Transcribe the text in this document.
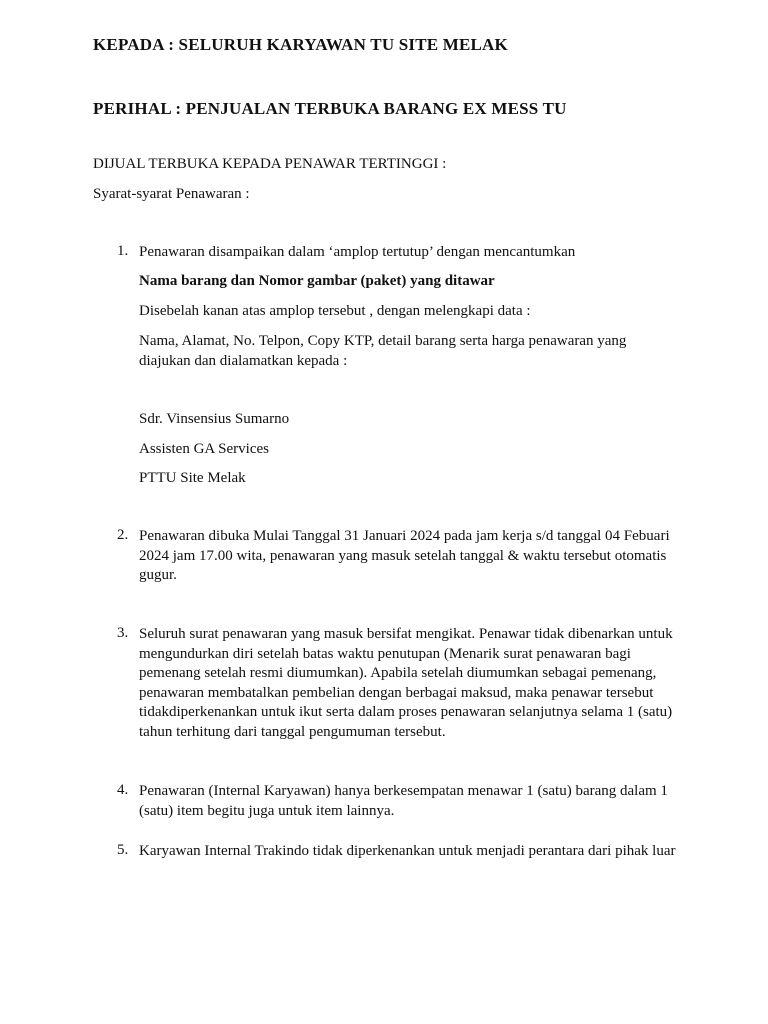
KEPADA : SELURUH KARYAWAN TU SITE MELAK
PERIHAL : PENJUALAN TERBUKA BARANG EX MESS TU
DIJUAL TERBUKA KEPADA PENAWAR TERTINGGI :
Syarat-syarat Penawaran :
1. Penawaran disampaikan dalam ‘amplop tertutup’ dengan mencantumkan
Nama barang dan Nomor gambar (paket) yang ditawar
Disebelah kanan atas amplop tersebut , dengan melengkapi data :
Nama, Alamat, No. Telpon, Copy KTP, detail barang serta harga penawaran yang diajukan dan dialamatkan kepada :
Sdr. Vinsensius Sumarno
Assisten GA Services
PTTU Site Melak
2. Penawaran dibuka Mulai Tanggal 31 Januari 2024 pada jam kerja s/d tanggal 04 Febuari 2024 jam 17.00 wita, penawaran yang masuk setelah tanggal & waktu tersebut otomatis gugur.
3. Seluruh surat penawaran yang masuk bersifat mengikat. Penawar tidak dibenarkan untuk mengundurkan diri setelah batas waktu penutupan (Menarik surat penawaran bagi pemenang setelah resmi diumumkan). Apabila setelah diumumkan sebagai pemenang, penawaran membatalkan pembelian dengan berbagai maksud, maka penawar tersebut tidakdiperkenankan untuk ikut serta dalam proses penawaran selanjutnya selama 1 (satu) tahun terhitung dari tanggal pengumuman tersebut.
4. Penawaran (Internal Karyawan) hanya berkesempatan menawar 1 (satu) barang dalam 1 (satu) item begitu juga untuk item lainnya.
5. Karyawan Internal Trakindo tidak diperkenankan untuk menjadi perantara dari pihak luar
